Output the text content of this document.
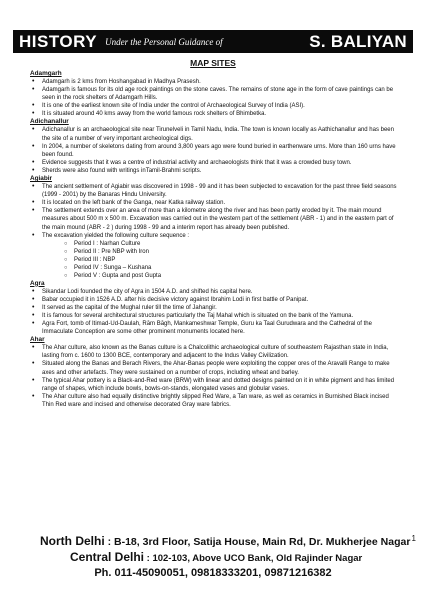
HISTORY Under the Personal Guidance of	S. BALIYAN
MAP SITES

Adamgarh

• Adamgarh is 2 kms from Hoshangabad in Madhya Prasesh.
• Adamgarh is famous for its old age rock paintings on the stone caves. The remains of stone age in the form of cave paintings can be seen in the rock shelters of Adamgarh Hills.
• It is one of the earliest known site of India under the control of Archaeological Survey of India (ASI).
• It is situated around 40 kms away from the world famous rock shelters of Bhimbetka.

Adichanallur

• Adichanallur is an archaeological site near Tirunelveli in Tamil Nadu, India. The town is known locally as Aathichanallur and has been the site of a number of very important archeological digs.
• In 2004, a number of skeletons dating from around 3,800 years ago were found buried in earthenware urns. More than 160 urns have been found.
• Evidence suggests that it was a centre of industrial activity and archaeologists think that it was a crowded busy town.
• Sherds were also found with writings inTamil-Brahmi scripts.

Agiabir

• The ancient settlement of Agiabir was discovered in 1998 - 99 and it has been subjected to excavation for the past three field seasons (1999 - 2001) by the Banaras Hindu University.
• It is located on the left bank of the Ganga, near Katka railway station.
• The settlement extends over an area of more than a kilometre along the river and has been partly eroded by it. The main mound measures about 500 m x 500 m. Excavation was carried out in the western part of the settlement (ABR - 1) and in the eastern part of the main mound (ABR - 2 ) during 1998 - 99 and a interim report has already been published.
• The excavation yielded the following culture sequence :
○ Period I : Narhan Culture
○ Period II : Pre NBP with Iron
○ Period III : NBP
○ Period IV : Sunga – Kushana
○ Period V : Gupta and post Gupta

Agra

• Sikandar Lodi founded the city of Agra in 1504 A.D. and shifted his capital here.
• Babar occupied it in 1526 A.D. after his decisive victory against Ibrahim Lodi in first battle of Panipat.
• It served as the capital of the Mughal ruler till the time of Jahangir.
• It is famous for several architectural structures particularly the Taj Mahal which is situated on the bank of the Yamuna.
• Agra Fort, tomb of Itimad-Ud-Daulah, Rām Bāgh, Mankameshwar Temple, Guru ka Taal Gurudwara and the Cathedral of the Immaculate Conception are some other prominent monuments located here.

Ahar

• The Ahar culture, also known as the Banas culture is a Chalcolithic archaeological culture of southeastern Rajasthan state in India, lasting from c. 1600 to 1300 BCE, contemporary and adjacent to the Indus Valley Civilization.
• Situated along the Banas and Berach Rivers, the Ahar-Banas people were exploiting the copper ores of the Aravalli Range to make axes and other artefacts. They were sustained on a number of crops, including wheat and barley.
• The typical Ahar pottery is a Black-and-Red ware (BRW) with linear and dotted designs painted on it in white pigment and has limited range of shapes, which include bowls, bowls-on-stands, elongated vases and globular vases.
• The Ahar culture also had equally distinctive brightly slipped Red Ware, a Tan ware, as well as ceramics in Burnished Black incised Thin Red ware and incised and otherwise decorated Gray ware fabrics.
North Delhi : B-18, 3rd Floor, Satija House, Main Rd, Dr. Mukherjee Nagar
Central Delhi : 102-103, Above UCO Bank, Old Rajinder Nagar
Ph. 011-45090051, 09818333201, 09871216382
1
